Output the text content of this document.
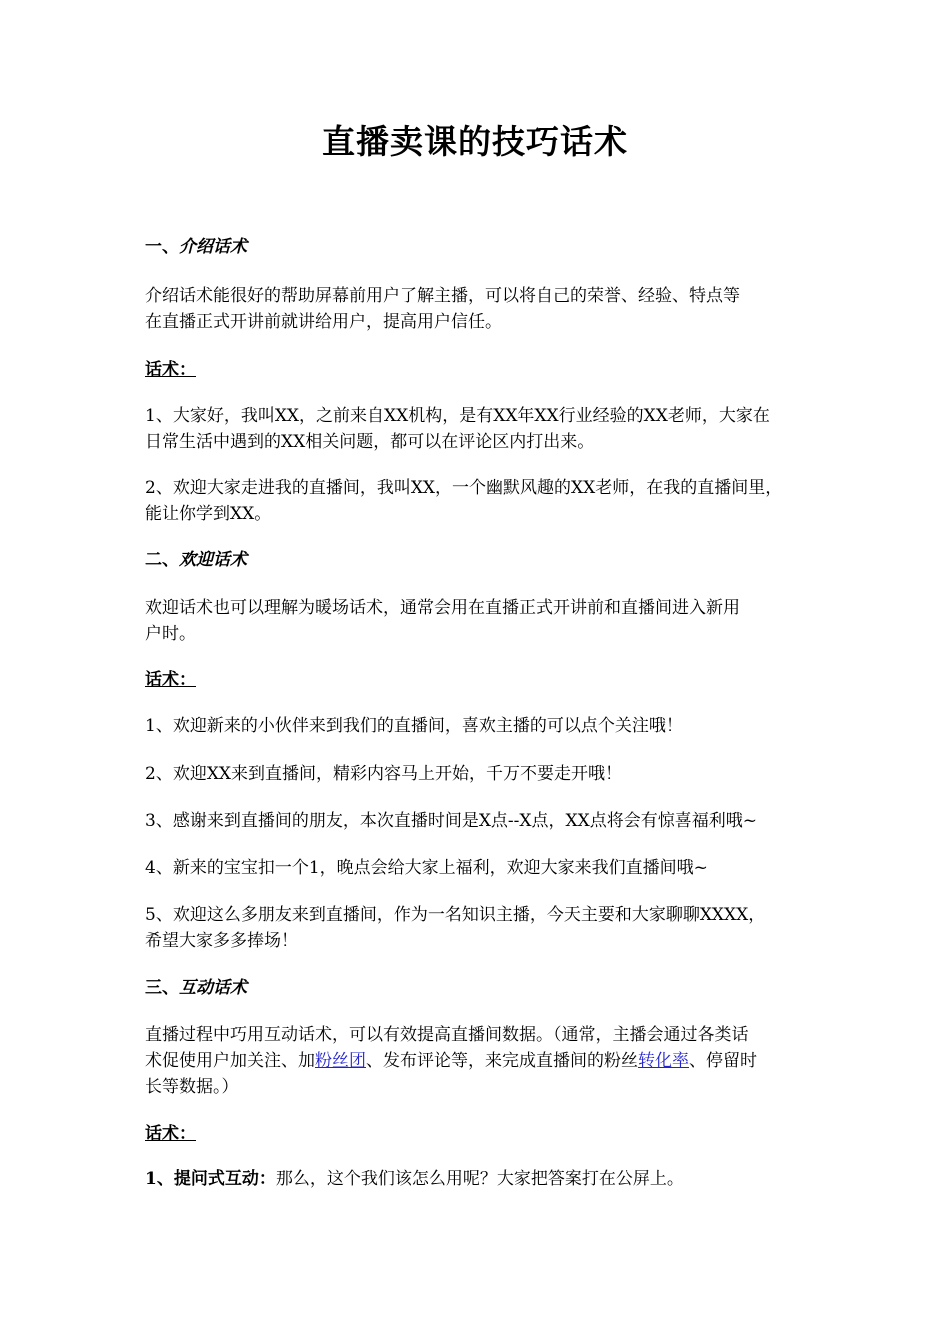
直播卖课的技巧话术
一、介绍话术
介绍话术能很好的帮助屏幕前用户了解主播，可以将自己的荣誉、经验、特点等
在直播正式开讲前就讲给用户，提高用户信任。
话术：
1、大家好，我叫XX，之前来自XX机构，是有XX年XX行业经验的XX老师，大家在
日常生活中遇到的XX相关问题，都可以在评论区内打出来。
2、欢迎大家走进我的直播间，我叫XX，一个幽默风趣的XX老师，在我的直播间里，
能让你学到XX。
二、欢迎话术
欢迎话术也可以理解为暖场话术，通常会用在直播正式开讲前和直播间进入新用
户时。
话术：
1、欢迎新来的小伙伴来到我们的直播间，喜欢主播的可以点个关注哦！
2、欢迎XX来到直播间，精彩内容马上开始，千万不要走开哦！
3、感谢来到直播间的朋友，本次直播时间是X点--X点，XX点将会有惊喜福利哦~
4、新来的宝宝扣一个1，晚点会给大家上福利，欢迎大家来我们直播间哦~
5、欢迎这么多朋友来到直播间，作为一名知识主播，今天主要和大家聊聊XXXX，
希望大家多多捧场！
三、互动话术
直播过程中巧用互动话术，可以有效提高直播间数据。（通常，主播会通过各类话
术促使用户加关注、加粉丝团、发布评论等，来完成直播间的粉丝转化率、停留时
长等数据。）
话术：
1、提问式互动：那么，这个我们该怎么用呢？大家把答案打在公屏上。
